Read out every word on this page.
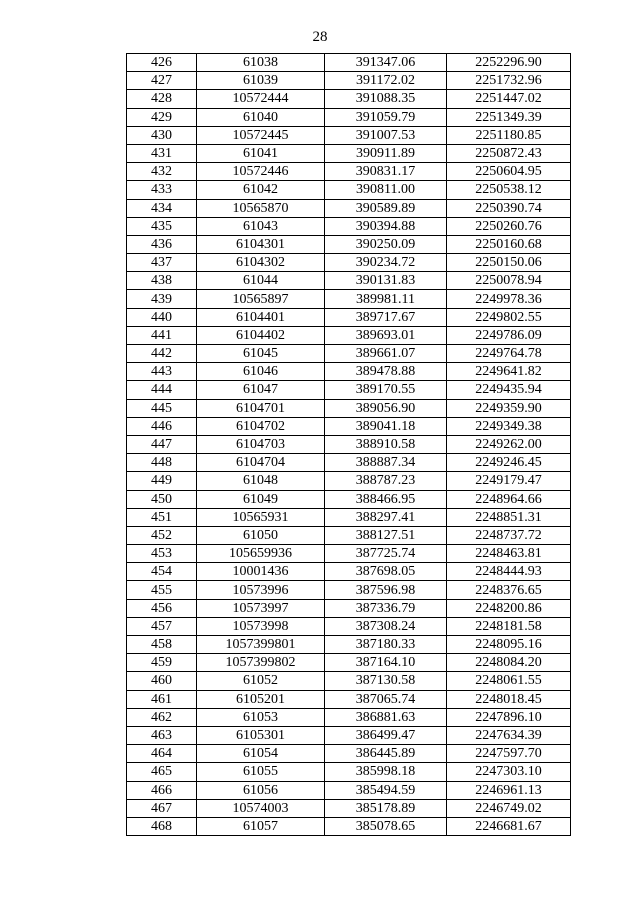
28
426	61038	391347.06	2252296.90
427	61039	391172.02	2251732.96
428	10572444	391088.35	2251447.02
429	61040	391059.79	2251349.39
430	10572445	391007.53	2251180.85
431	61041	390911.89	2250872.43
432	10572446	390831.17	2250604.95
433	61042	390811.00	2250538.12
434	10565870	390589.89	2250390.74
435	61043	390394.88	2250260.76
436	6104301	390250.09	2250160.68
437	6104302	390234.72	2250150.06
438	61044	390131.83	2250078.94
439	10565897	389981.11	2249978.36
440	6104401	389717.67	2249802.55
441	6104402	389693.01	2249786.09
442	61045	389661.07	2249764.78
443	61046	389478.88	2249641.82
444	61047	389170.55	2249435.94
445	6104701	389056.90	2249359.90
446	6104702	389041.18	2249349.38
447	6104703	388910.58	2249262.00
448	6104704	388887.34	2249246.45
449	61048	388787.23	2249179.47
450	61049	388466.95	2248964.66
451	10565931	388297.41	2248851.31
452	61050	388127.51	2248737.72
453	105659936	387725.74	2248463.81
454	10001436	387698.05	2248444.93
455	10573996	387596.98	2248376.65
456	10573997	387336.79	2248200.86
457	10573998	387308.24	2248181.58
458	1057399801	387180.33	2248095.16
459	1057399802	387164.10	2248084.20
460	61052	387130.58	2248061.55
461	6105201	387065.74	2248018.45
462	61053	386881.63	2247896.10
463	6105301	386499.47	2247634.39
464	61054	386445.89	2247597.70
465	61055	385998.18	2247303.10
466	61056	385494.59	2246961.13
467	10574003	385178.89	2246749.02
468	61057	385078.65	2246681.67
